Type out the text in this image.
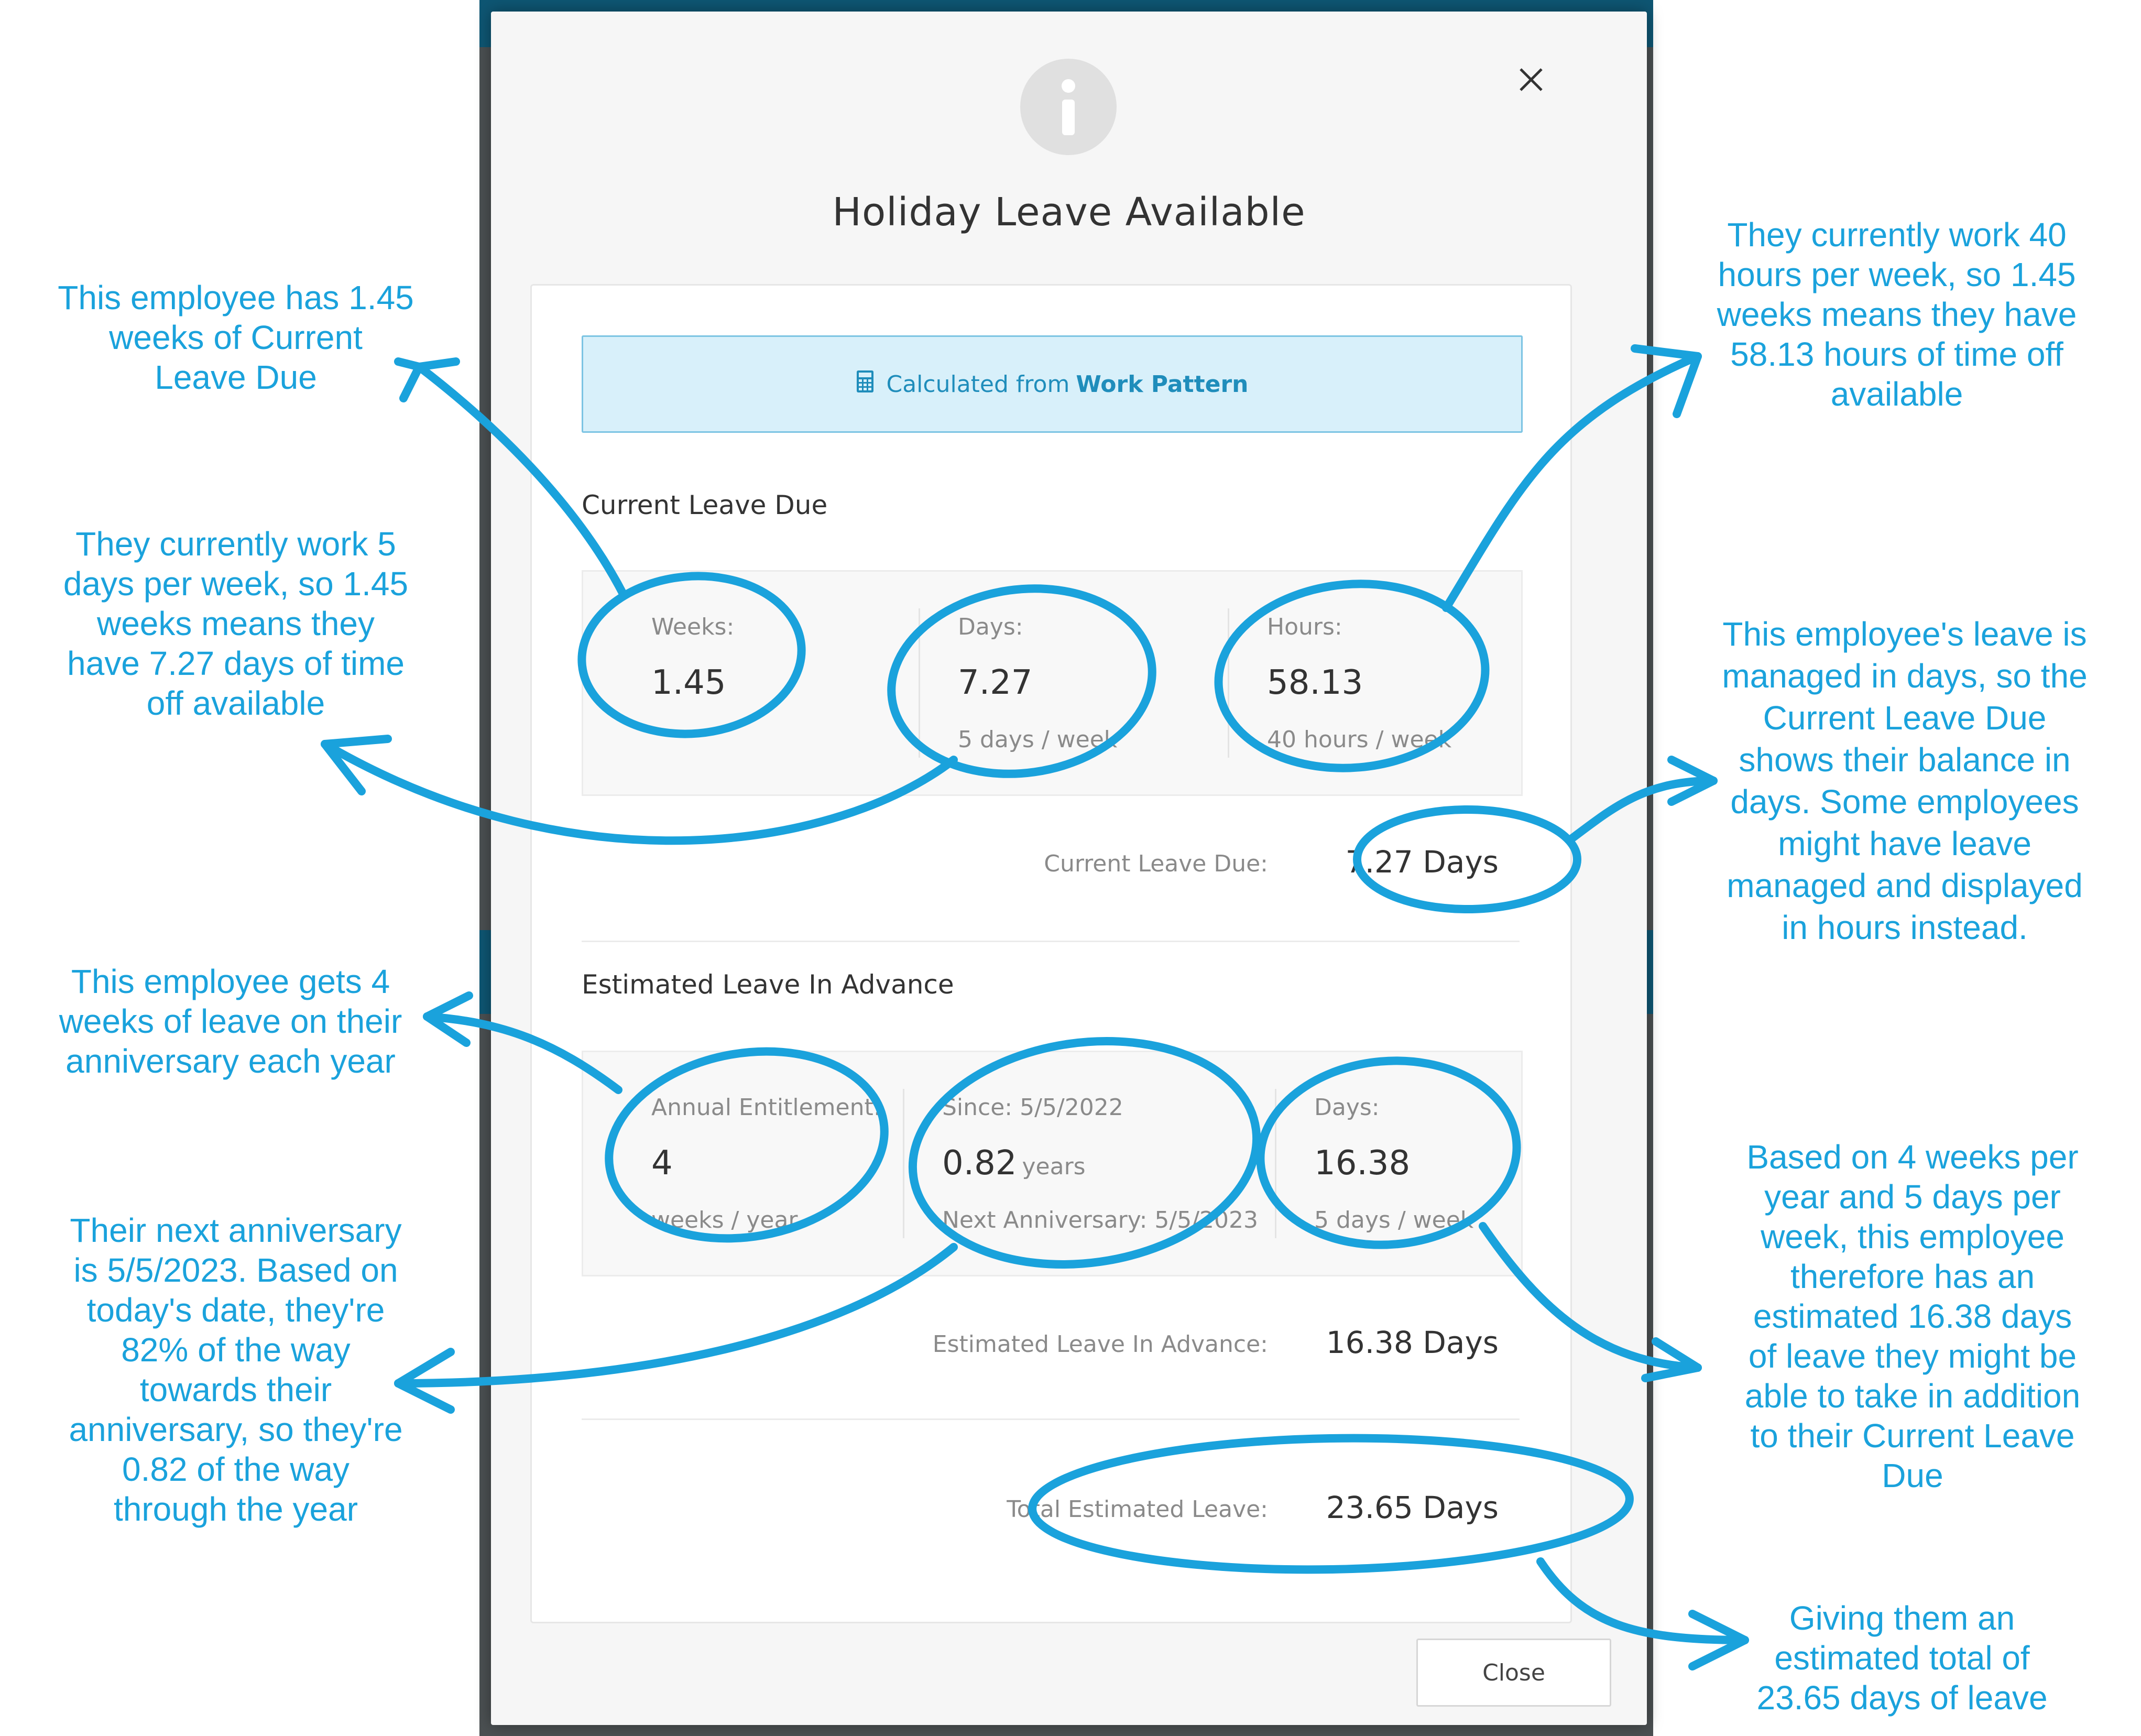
Holiday Leave Available
Calculated from Work Pattern
Current Leave Due
Weeks:
1.45
Days:
7.27
5 days / week
Hours:
58.13
40 hours / week
Current Leave Due:	7.27 Days
Estimated Leave In Advance
Annual Entitlement:
4
weeks / year
Since: 5/5/2022
0.82 years
Next Anniversary: 5/5/2023
Days:
16.38
5 days / week
Estimated Leave In Advance: 16.38 Days
Total Estimated Leave: 23.65 Days
Close
This employee has 1.45
weeks of Current
Leave Due
They currently work 5
days per week, so 1.45
weeks means they
have 7.27 days of time
off available
This employee gets 4
weeks of leave on their
anniversary each year
Their next anniversary
is 5/5/2023. Based on
today's date, they're
82% of the way
towards their
anniversary, so they're
0.82 of the way
through the year
They currently work 40
hours per week, so 1.45
weeks means they have
58.13 hours of time off
available
This employee's leave is
managed in days, so the
Current Leave Due
shows their balance in
days. Some employees
might have leave
managed and displayed
in hours instead.
Based on 4 weeks per
year and 5 days per
week, this employee
therefore has an
estimated 16.38 days
of leave they might be
able to take in addition
to their Current Leave
Due
Giving them an
estimated total of
23.65 days of leave
